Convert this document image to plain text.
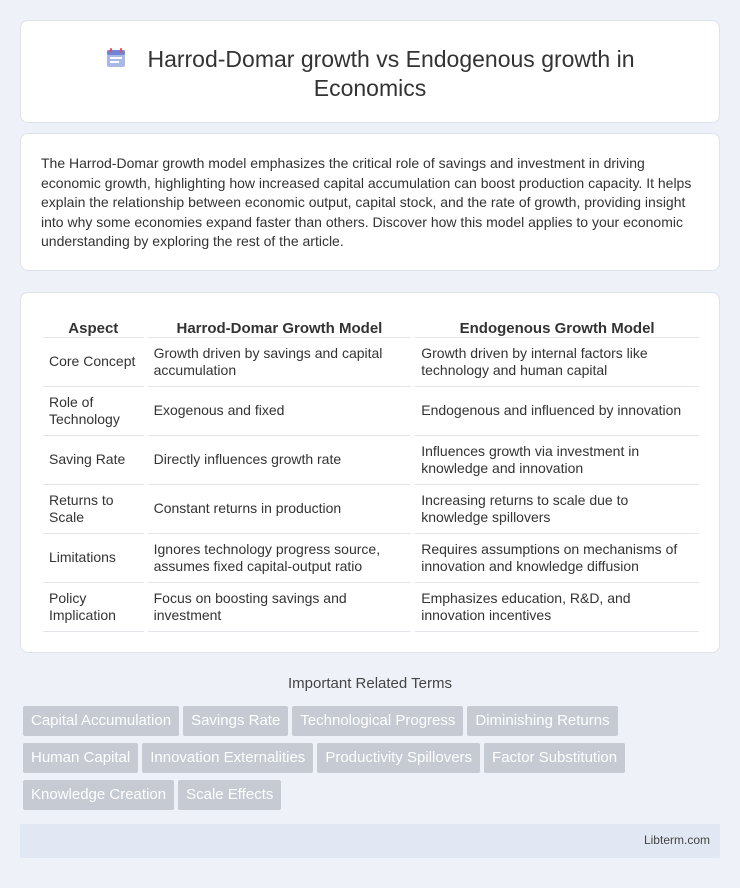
Harrod-Domar growth vs Endogenous growth in Economics

The Harrod-Domar growth model emphasizes the critical role of savings and investment in driving economic growth, highlighting how increased capital accumulation can boost production capacity. It helps explain the relationship between economic output, capital stock, and the rate of growth, providing insight into why some economies expand faster than others. Discover how this model applies to your economic understanding by exploring the rest of the article.

Aspect		Harrod-Domar Growth Model		Endogenous Growth Model
Core Concept		Growth driven by savings and capital accumulation		Growth driven by internal factors like technology and human capital
Role of Technology		Exogenous and fixed		Endogenous and influenced by innovation
Saving Rate		Directly influences growth rate		Influences growth via investment in knowledge and innovation
Returns to Scale		Constant returns in production		Increasing returns to scale due to knowledge spillovers
Limitations		Ignores technology progress source, assumes fixed capital-output ratio		Requires assumptions on mechanisms of innovation and knowledge diffusion
Policy Implication		Focus on boosting savings and investment		Emphasizes education, R&D, and innovation incentives
Important Related Terms
Capital Accumulation Savings Rate Technological Progress Diminishing Returns
Human Capital Innovation Externalities Productivity Spillovers Factor Substitution
Knowledge Creation Scale Effects
Libterm.com
